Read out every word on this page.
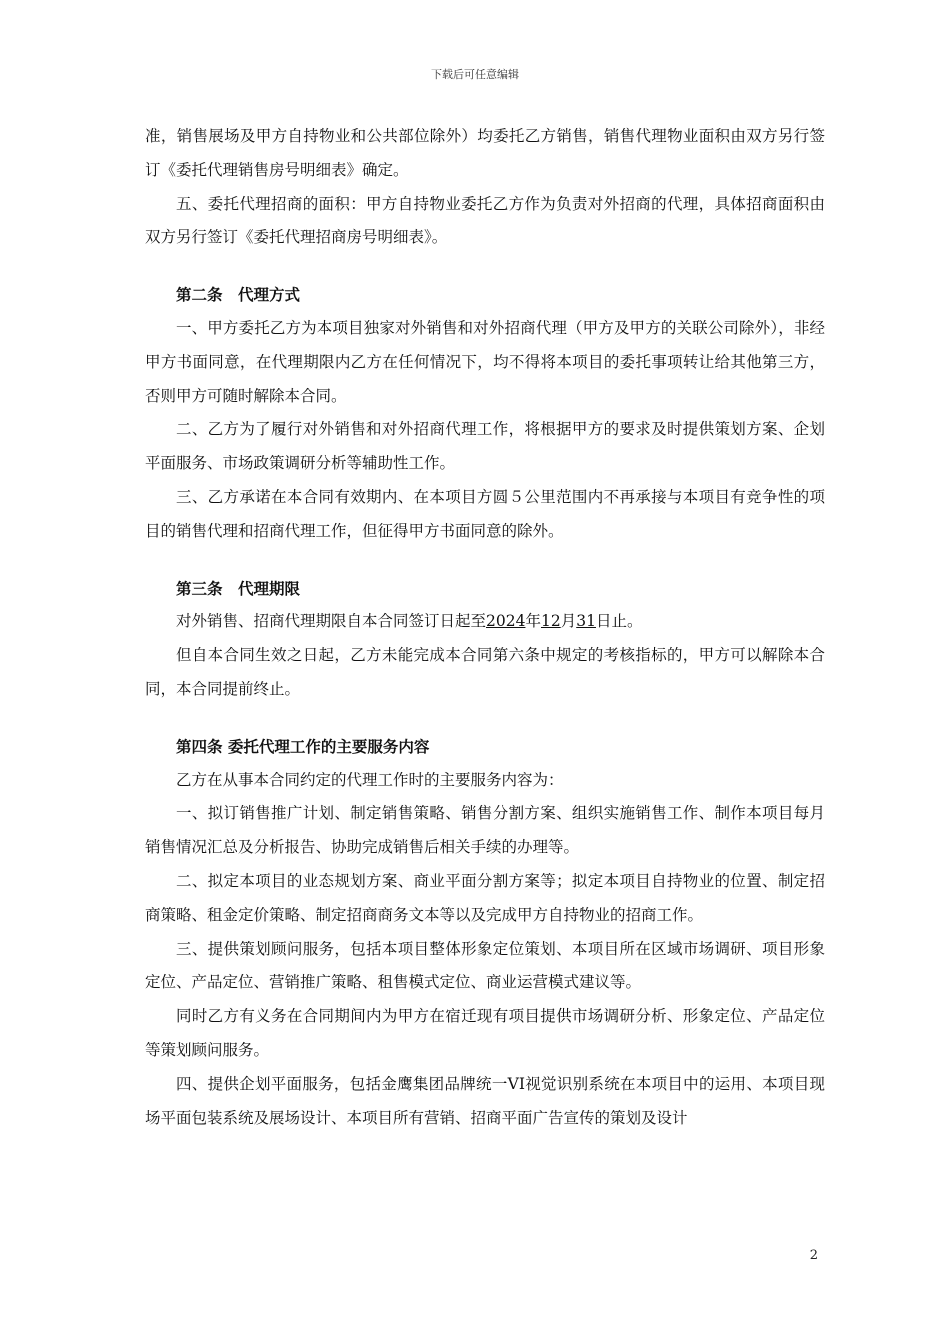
下载后可任意编辑

准，销售展场及甲方自持物业和公共部位除外）均委托乙方销售，销售代理物业面积由双方另行签订《委托代理销售房号明细表》确定。

五、委托代理招商的面积：甲方自持物业委托乙方作为负责对外招商的代理，具体招商面积由双方另行签订《委托代理招商房号明细表》。

第二条　代理方式

一、甲方委托乙方为本项目独家对外销售和对外招商代理（甲方及甲方的关联公司除外），非经甲方书面同意，在代理期限内乙方在任何情况下，均不得将本项目的委托事项转让给其他第三方，否则甲方可随时解除本合同。

二、乙方为了履行对外销售和对外招商代理工作，将根据甲方的要求及时提供策划方案、企划平面服务、市场政策调研分析等辅助性工作。

三、乙方承诺在本合同有效期内、在本项目方圆５公里范围内不再承接与本项目有竞争性的项目的销售代理和招商代理工作，但征得甲方书面同意的除外。

第三条　代理期限

对外销售、招商代理期限自本合同签订日起至2024年12月31日止。

但自本合同生效之日起，乙方未能完成本合同第六条中规定的考核指标的，甲方可以解除本合同，本合同提前终止。

第四条 委托代理工作的主要服务内容

乙方在从事本合同约定的代理工作时的主要服务内容为：

一、拟订销售推广计划、制定销售策略、销售分割方案、组织实施销售工作、制作本项目每月销售情况汇总及分析报告、协助完成销售后相关手续的办理等。

二、拟定本项目的业态规划方案、商业平面分割方案等；拟定本项目自持物业的位置、制定招商策略、租金定价策略、制定招商商务文本等以及完成甲方自持物业的招商工作。

三、提供策划顾问服务，包括本项目整体形象定位策划、本项目所在区域市场调研、项目形象定位、产品定位、营销推广策略、租售模式定位、商业运营模式建议等。

同时乙方有义务在合同期间内为甲方在宿迁现有项目提供市场调研分析、形象定位、产品定位等策划顾问服务。

四、提供企划平面服务，包括金鹰集团品牌统一VI视觉识别系统在本项目中的运用、本项目现场平面包装系统及展场设计、本项目所有营销、招商平面广告宣传的策划及设计

2
